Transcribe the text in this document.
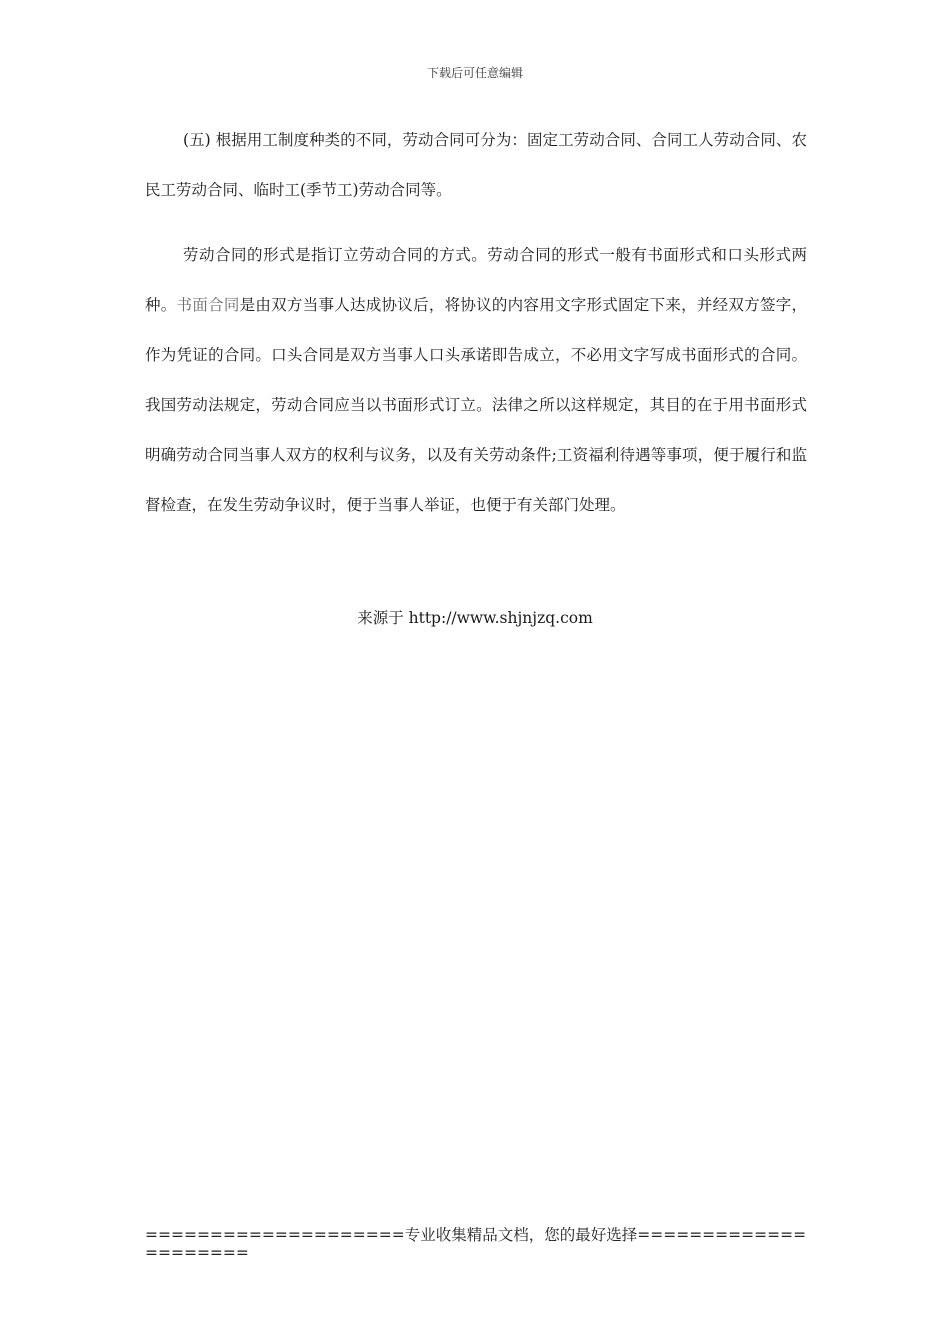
下载后可任意编辑

(五) 根据用工制度种类的不同，劳动合同可分为：固定工劳动合同、合同工人劳动合同、农民工劳动合同、临时工(季节工)劳动合同等。

劳动合同的形式是指订立劳动合同的方式。劳动合同的形式一般有书面形式和口头形式两种。书面合同是由双方当事人达成协议后，将协议的内容用文字形式固定下来，并经双方签字，作为凭证的合同。口头合同是双方当事人口头承诺即告成立，不必用文字写成书面形式的合同。我国劳动法规定，劳动合同应当以书面形式订立。法律之所以这样规定，其目的在于用书面形式明确劳动合同当事人双方的权利与议务，以及有关劳动条件;工资福利待遇等事项，便于履行和监督检查，在发生劳动争议时，便于当事人举证，也便于有关部门处理。

来源于 http://www.shjnjzq.com
====================专业收集精品文档，您的最好选择=====================
